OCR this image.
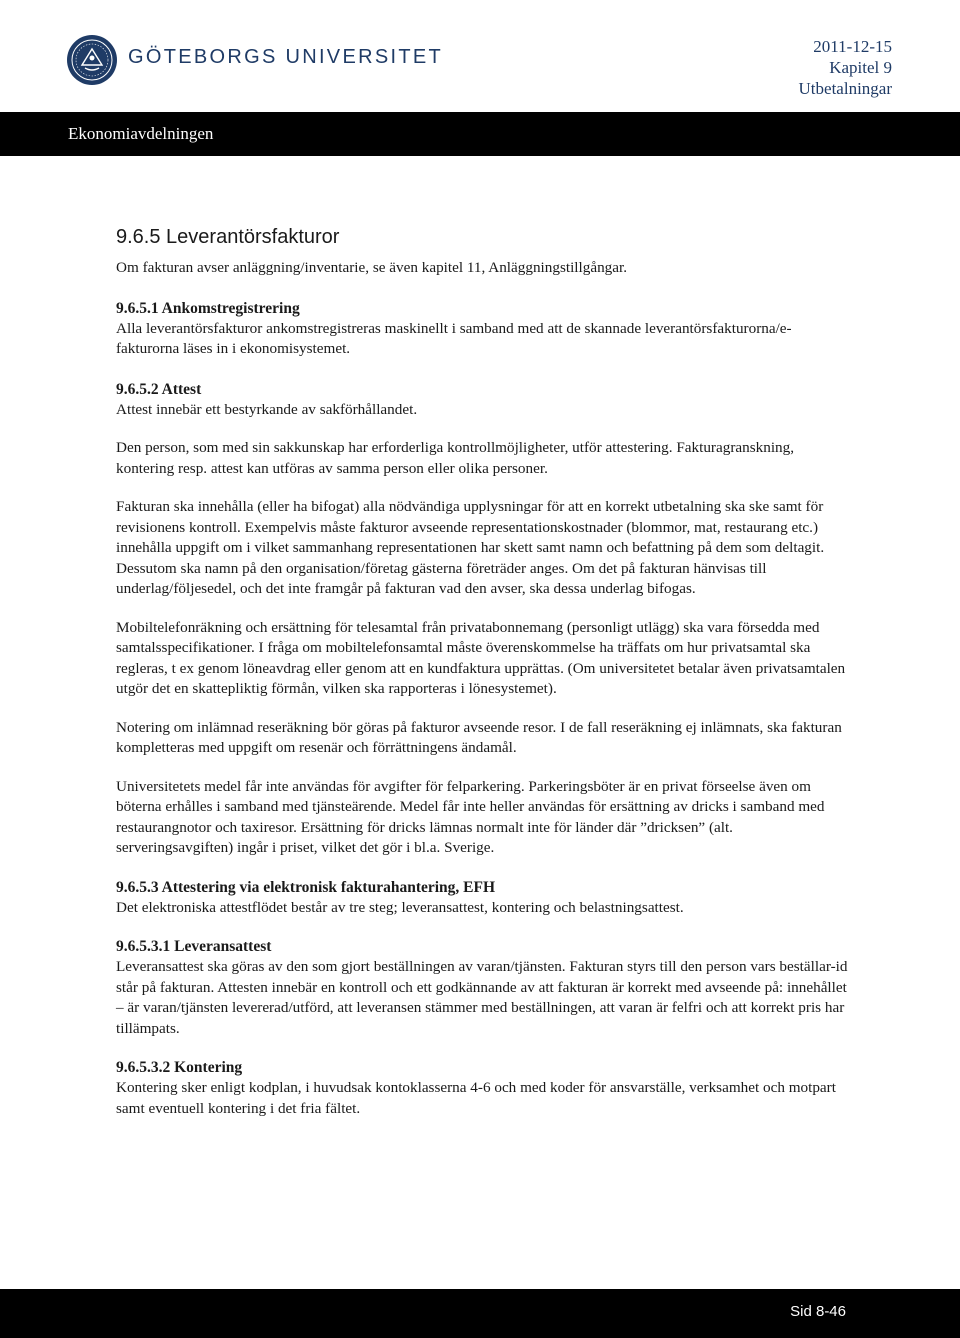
GÖTEBORGS UNIVERSITET	2011-12-15
Kapitel 9
Utbetalningar
Ekonomiavdelningen
9.6.5 Leverantörsfakturor

Om fakturan avser anläggning/inventarie, se även kapitel 11, Anläggningstillgångar.

9.6.5.1 Ankomstregistrering

Alla leverantörsfakturor ankomstregistreras maskinellt i samband med att de skannade leverantörsfakturorna/e-fakturorna läses in i ekonomisystemet.

9.6.5.2 Attest

Attest innebär ett bestyrkande av sakförhållandet.

Den person, som med sin sakkunskap har erforderliga kontrollmöjligheter, utför attestering. Fakturagranskning, kontering resp. attest kan utföras av samma person eller olika personer.

Fakturan ska innehålla (eller ha bifogat) alla nödvändiga upplysningar för att en korrekt utbetalning ska ske samt för revisionens kontroll. Exempelvis måste fakturor avseende representationskostnader (blommor, mat, restaurang etc.) innehålla uppgift om i vilket sammanhang representationen har skett samt namn och befattning på dem som deltagit. Dessutom ska namn på den organisation/företag gästerna företräder anges. Om det på fakturan hänvisas till underlag/följesedel, och det inte framgår på fakturan vad den avser, ska dessa underlag bifogas.

Mobiltelefonräkning och ersättning för telesamtal från privatabonnemang (personligt utlägg) ska vara försedda med samtalsspecifikationer. I fråga om mobiltelefonsamtal måste överenskommelse ha träffats om hur privatsamtal ska regleras, t ex genom löneavdrag eller genom att en kundfaktura upprättas. (Om universitetet betalar även privatsamtalen utgör det en skattepliktig förmån, vilken ska rapporteras i lönesystemet).

Notering om inlämnad reseräkning bör göras på fakturor avseende resor. I de fall reseräkning ej inlämnats, ska fakturan kompletteras med uppgift om resenär och förrättningens ändamål.

Universitetets medel får inte användas för avgifter för felparkering. Parkeringsböter är en privat förseelse även om böterna erhålles i samband med tjänsteärende. Medel får inte heller användas för ersättning av dricks i samband med restaurangnotor och taxiresor. Ersättning för dricks lämnas normalt inte för länder där ”dricksen” (alt. serveringsavgiften) ingår i priset, vilket det gör i bl.a. Sverige.

9.6.5.3 Attestering via elektronisk fakturahantering, EFH

Det elektroniska attestflödet består av tre steg; leveransattest, kontering och belastningsattest.

9.6.5.3.1 Leveransattest

Leveransattest ska göras av den som gjort beställningen av varan/tjänsten. Fakturan styrs till den person vars beställar-id står på fakturan. Attesten innebär en kontroll och ett godkännande av att fakturan är korrekt med avseende på: innehållet – är varan/tjänsten levererad/utförd, att leveransen stämmer med beställningen, att varan är felfri och att korrekt pris har tillämpats.

9.6.5.3.2 Kontering

Kontering sker enligt kodplan, i huvudsak kontoklasserna 4-6 och med koder för ansvarställe, verksamhet och motpart samt eventuell kontering i det fria fältet.

Sid 8-46
